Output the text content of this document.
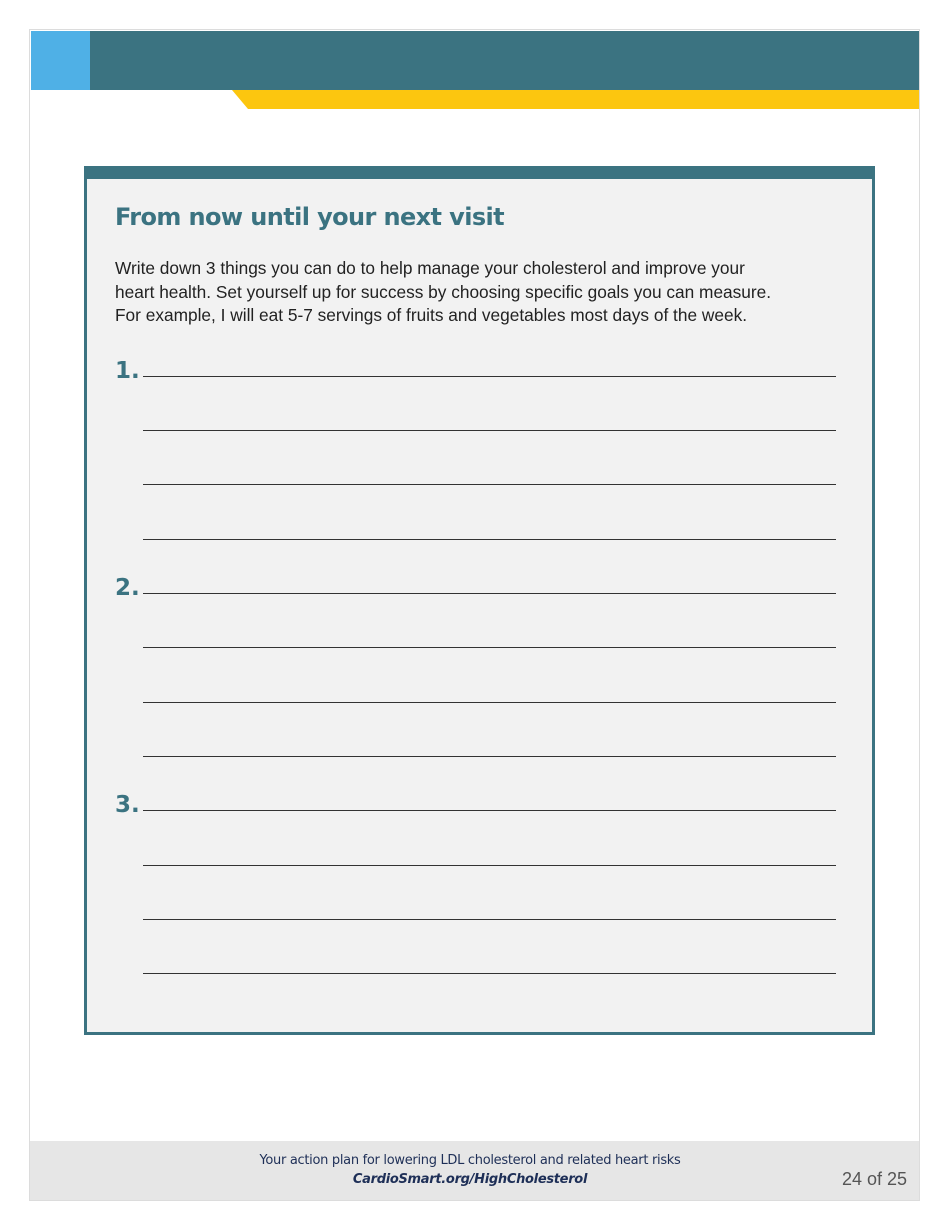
From now until your next visit
Write down 3 things you can do to help manage your cholesterol and improve your
heart health. Set yourself up for success by choosing specific goals you can measure.
For example, I will eat 5-7 servings of fruits and vegetables most days of the week.
1.
2.
3.
Your action plan for lowering LDL cholesterol and related heart risks
CardioSmart.org/HighCholesterol	24 of 25
